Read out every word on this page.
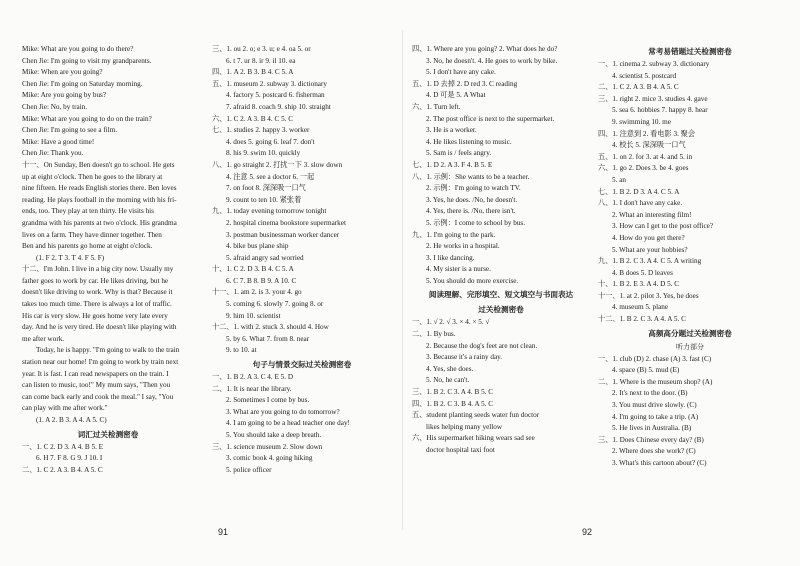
Mike: What are you going to do there?
Chen Jie: I'm going to visit my grandparents.
Mike: When are you going?
Chen Jie: I'm going on Saturday morning.
Mike: Are you going by bus?
Chen Jie: No, by train.
Mike: What are you going to do on the train?
Chen Jie: I'm going to see a film.
Mike: Have a good time!
Chen Jie: Thank you.
十一、On Sunday, Ben doesn't go to school. He gets
up at eight o'clock. Then he goes to the library at
nine fifteen. He reads English stories there. Ben loves
reading. He plays football in the morning with his fri-
ends, too. They play at ten thirty. He visits his
grandma with his parents at two o'clock. His grandma
lives on a farm. They have dinner together. Then
Ben and his parents go home at eight o'clock.
(1. F 2. T 3. T 4. F 5. F)
十二、I'm John. I live in a big city now. Usually my
father goes to work by car. He likes driving, but he
doesn't like driving to work. Why is that? Because it
takes too much time. There is always a lot of traffic.
His car is very slow. He goes home very late every
day. And he is very tired. He doesn't like playing with
me after work.
Today, he is happy. "I'm going to walk to the train
station near our home! I'm going to work by train next
year. It is fast. I can read newspapers on the train. I
can listen to music, too!" My mum says, "Then you
can come back early and cook the meal." I say, "You
can play with me after work."
(1. A 2. B 3. A 4. A 5. C)
词汇过关检测密卷
一、1. C 2. D 3. A 4. B 5. E
6. H 7. F 8. G 9. J 10. I
二、1. C 2. A 3. B 4. A 5. C
三、1. ou 2. o; e 3. u; e 4. oa 5. or
6. t 7. ur 8. ir 9. il 10. ea
四、1. A 2. B 3. B 4. C 5. A
五、1. museum 2. subway 3. dictionary
4. factory 5. postcard 6. fisherman
7. afraid 8. coach 9. ship 10. straight
六、1. C 2. A 3. B 4. C 5. C
七、1. studies 2. happy 3. worker
4. does 5. going 6. leaf 7. don't
8. his 9. swim 10. quickly
八、1. go straight 2. 打扰一下 3. slow down
4. 注意 5. see a doctor 6. 一起
7. on foot 8. 深深吸一口气
9. count to ten 10. 紧张着
九、1. today evening tomorrow tonight
2. hospital cinema bookstore supermarket
3. postman businessman worker dancer
4. bike bus plane ship
5. afraid angry sad worried
十、1. C 2. D 3. B 4. C 5. A
6. C 7. B 8. B 9. A 10. C
十一、1. am 2. is 3. your 4. go
5. coming 6. slowly 7. going 8. or
9. him 10. scientist
十二、1. with 2. stuck 3. should 4. How
5. by 6. What 7. from 8. near
9. to 10. at
句子与情景交际过关检测密卷
一、1. B 2. A 3. C 4. E 5. D
二、1. It is near the library.
2. Sometimes I come by bus.
3. What are you going to do tomorrow?
4. I am going to be a head teacher one day!
5. You should take a deep breath.
三、1. science museum 2. Slow down
3. comic book 4. going hiking
5. police officer
四、1. Where are you going? 2. What does he do?
3. No, he doesn't. 4. He goes to work by bike.
5. I don't have any cake.
五、1. D 去掉 2. D red 3. C reading
4. D 可是 5. A What
六、1. Turn left.
2. The post office is next to the supermarket.
3. He is a worker.
4. He likes listening to music.
5. Sam is / feels angry.
七、1. D 2. A 3. F 4. B 5. E
八、1. 示例：She wants to be a teacher.
2. 示例：I'm going to watch TV.
3. Yes, he does. /No, he doesn't.
4. Yes, there is. /No, there isn't.
5. 示例：I come to school by bus.
九、1. I'm going to the park.
2. He works in a hospital.
3. I like dancing.
4. My sister is a nurse.
5. You should do more exercise.
阅读理解、完形填空、短文填空与书面表达
过关检测密卷
一、1. √ 2. √ 3. × 4. × 5. √
二、1. By bus.
2. Because the dog's feet are not clean.
3. Because it's a rainy day.
4. Yes, she does.
5. No, he can't.
三、1. B 2. C 3. A 4. B 5. C
四、1. B 2. C 3. B 4. A 5. C
五、student planting seeds water fun doctor
likes helping many yellow
六、His supermarket hiking wears sad see
doctor hospital taxi foot
常考易错题过关检测密卷
一、1. cinema 2. subway 3. dictionary
4. scientist 5. postcard
二、1. C 2. A 3. B 4. A 5. C
三、1. right 2. mice 3. studies 4. gave
5. sea 6. hobbies 7. happy 8. hear
9. swimming 10. me
四、1. 注意到 2. 看电影 3. 聚会
4. 校长 5. 深深吸一口气
五、1. on 2. for 3. at 4. and 5. in
六、1. go 2. Does 3. be 4. goes
5. an
七、1. B 2. D 3. A 4. C 5. A
八、1. I don't have any cake.
2. What an interesting film!
3. How can I get to the post office?
4. How do you get there?
5. What are your hobbies?
九、1. B 2. C 3. A 4. C 5. A writing
4. B does 5. D leaves
十、1. B 2. E 3. A 4. D 5. C
十一、1. at 2. pilot 3. Yes, he does
4. museum 5. plane
十二、1. B 2. C 3. A 4. A 5. C
高频高分题过关检测密卷
听力部分
一、1. club (D) 2. chase (A) 3. fast (C)
4. space (B) 5. mud (E)
二、1. Where is the museum shop? (A)
2. It's next to the door. (B)
3. You must drive slowly. (C)
4. I'm going to take a trip. (A)
5. He lives in Australia. (B)
三、1. Does Chinese every day? (B)
2. Where does she work? (C)
3. What's this cartoon about? (C)
91	92
